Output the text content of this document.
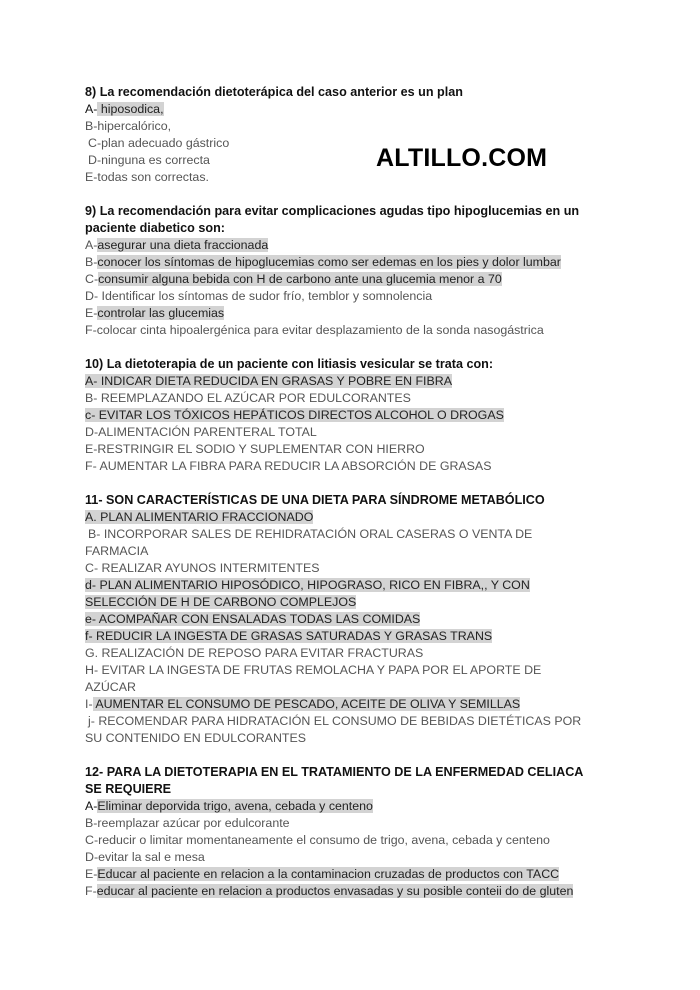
ALTILLO.COM
8) La recomendación dietoterápica del caso anterior es un plan
A- hiposodica,
B-hipercalórico,
C-plan adecuado gástrico
D-ninguna es correcta
E-todas son correctas.
9) La recomendación para evitar complicaciones agudas tipo hipoglucemias en un
paciente diabetico son:
A-asegurar una dieta fraccionada
B-conocer los síntomas de hipoglucemias como ser edemas en los pies y dolor lumbar
C-consumir alguna bebida con H de carbono ante una glucemia menor a 70
D- Identificar los síntomas de sudor frío, temblor y somnolencia
E-controlar las glucemias
F-colocar cinta hipoalergénica para evitar desplazamiento de la sonda nasogástrica
10) La dietoterapia de un paciente con litiasis vesicular se trata con:
A- INDICAR DIETA REDUCIDA EN GRASAS Y POBRE EN FIBRA
B- REEMPLAZANDO EL AZÚCAR POR EDULCORANTES
c- EVITAR LOS TÓXICOS HEPÁTICOS DIRECTOS ALCOHOL O DROGAS
D-ALIMENTACIÓN PARENTERAL TOTAL
E-RESTRINGIR EL SODIO Y SUPLEMENTAR CON HIERRO
F- AUMENTAR LA FIBRA PARA REDUCIR LA ABSORCIÓN DE GRASAS
11- SON CARACTERÍSTICAS DE UNA DIETA PARA SÍNDROME METABÓLICO
A. PLAN ALIMENTARIO FRACCIONADO
B- INCORPORAR SALES DE REHIDRATACIÓN ORAL CASERAS O VENTA DE
FARMACIA
C- REALIZAR AYUNOS INTERMITENTES
d- PLAN ALIMENTARIO HIPOSÓDICO, HIPOGRASO, RICO EN FIBRA,, Y CON
SELECCIÓN DE H DE CARBONO COMPLEJOS
e- ACOMPAÑAR CON ENSALADAS TODAS LAS COMIDAS
f- REDUCIR LA INGESTA DE GRASAS SATURADAS Y GRASAS TRANS
G. REALIZACIÓN DE REPOSO PARA EVITAR FRACTURAS
H- EVITAR LA INGESTA DE FRUTAS REMOLACHA Y PAPA POR EL APORTE DE
AZÚCAR
I- AUMENTAR EL CONSUMO DE PESCADO, ACEITE DE OLIVA Y SEMILLAS
j- RECOMENDAR PARA HIDRATACIÓN EL CONSUMO DE BEBIDAS DIETÉTICAS POR
SU CONTENIDO EN EDULCORANTES
12- PARA LA DIETOTERAPIA EN EL TRATAMIENTO DE LA ENFERMEDAD CELIACA
SE REQUIERE
A-Eliminar deporvida trigo, avena, cebada y centeno
B-reemplazar azúcar por edulcorante
C-reducir o limitar momentaneamente el consumo de trigo, avena, cebada y centeno
D-evitar la sal e mesa
E-Educar al paciente en relacion a la contaminacion cruzadas de productos con TACC
F-educar al paciente en relacion a productos envasadas y su posible conteii do de gluten
